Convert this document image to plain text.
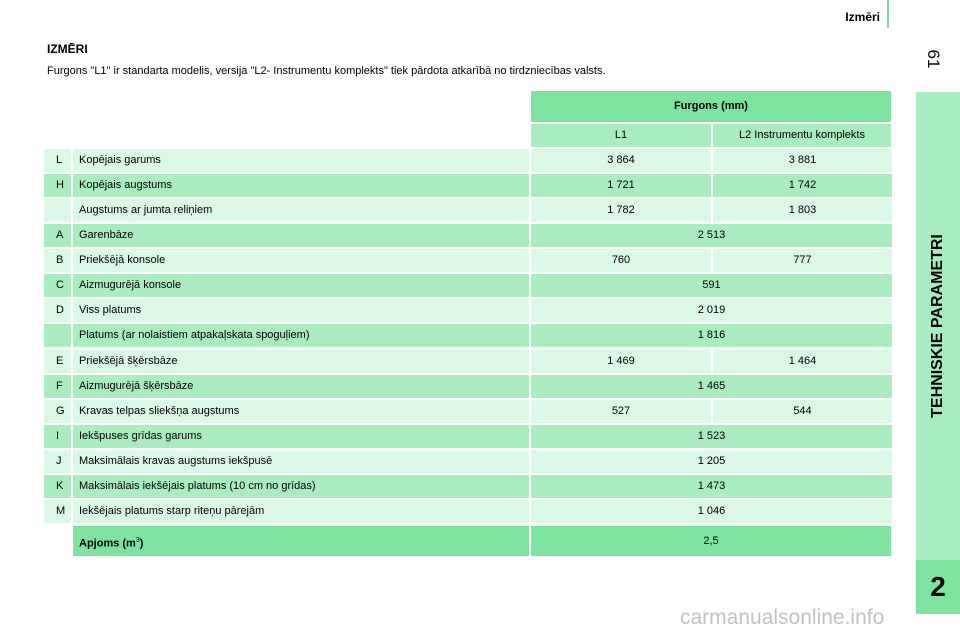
Izmēri
61
TEHNISKIE PARAMETRI
2
IZMĒRI
Furgons "L1" ir standarta modelis, versija "L2- Instrumentu komplekts" tiek pārdota atkarībā no tirdzniecības valsts.
Furgons (mm)
L1	L2 Instrumentu komplekts
L	Kopējais garums	3 864	3 881
H	Kopējais augstums	1 721	1 742
Augstums ar jumta reliņiem	1 782	1 803
A	Garenbāze	2 513
B	Priekšējā konsole	760	777
C	Aizmugurējā konsole	591
D	Viss platums	2 019
Platums (ar nolaistiem atpakaļskata spoguļiem)	1 816
E	Priekšējā šķērsbāze	1 469	1 464
F	Aizmugurējā šķērsbāze	1 465
G	Kravas telpas sliekšņa augstums	527	544
I	Iekšpuses grīdas garums	1 523
J	Maksimālais kravas augstums iekšpusē	1 205
K	Maksimālais iekšējais platums (10 cm no grīdas)	1 473
M	Iekšējais platums starp riteņu pārejām	1 046
Apjoms $(m^3)$	2,5
carmanualsonline.info
